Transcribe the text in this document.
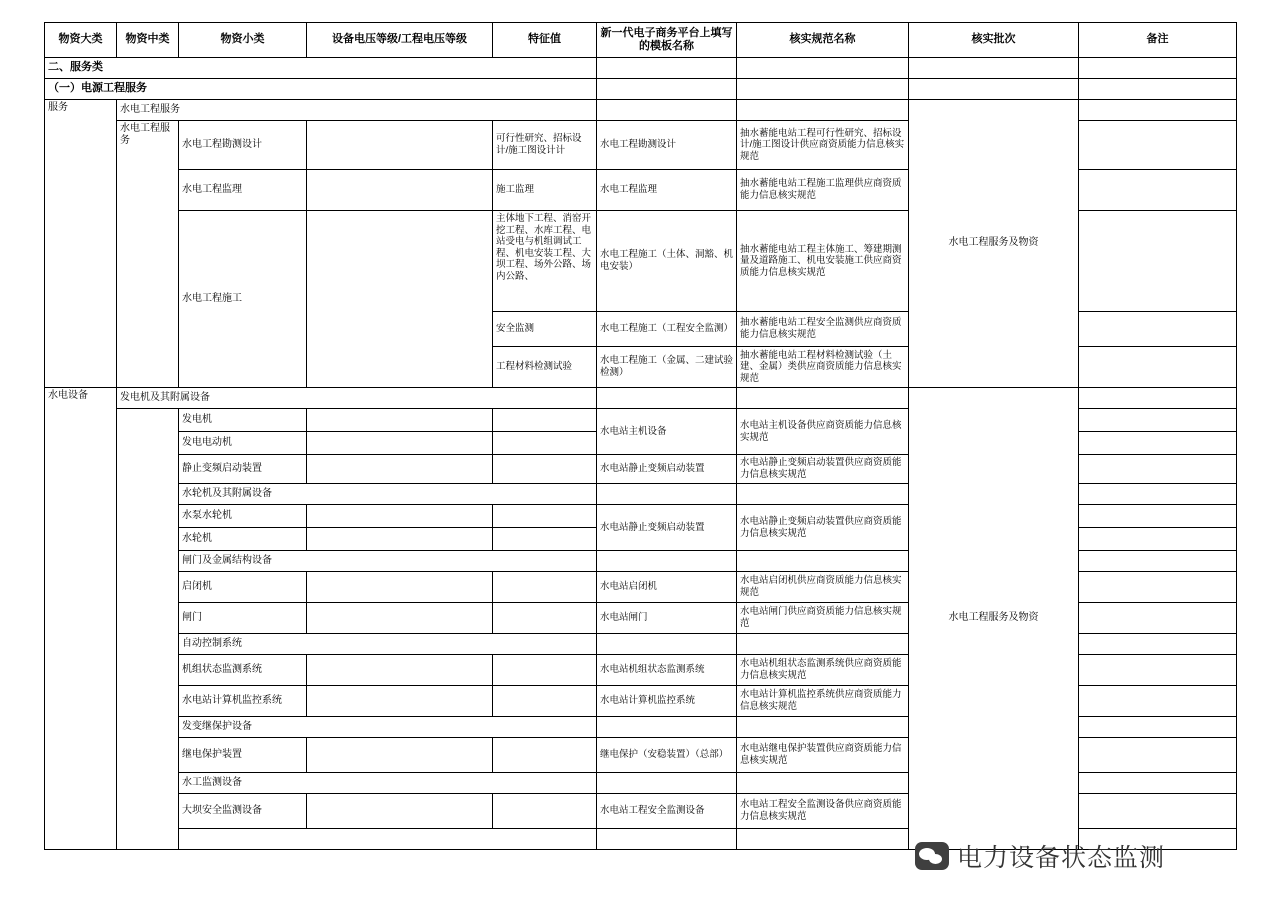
物资大类	物资中类	物资小类	设备电压等级/工程电压等级	特征值	新一代电子商务平台上填写的模板名称	核实规范名称	核实批次	备注
二、服务类								
（一）电源工程服务								
服务	水电工程服务						水电工程服务及物资	
	水电工程服务	水电工程勘测设计		可行性研究、招标设计/施工图设计计	水电工程勘测设计	抽水蓄能电站工程可行性研究、招标设计/施工图设计供应商资质能力信息核实规范		
		水电工程监理		施工监理	水电工程监理	抽水蓄能电站工程施工监理供应商资质能力信息核实规范		
		水电工程施工		主体地下工程、消窑开挖工程、水库工程、电站受电与机组调试工程、机电安装工程、大坝工程、场外公路、场内公路、	水电工程施工（土体、洞豁、机电安装）	抽水蓄能电站工程主体施工、筹建期测量及道路施工、机电安装施工供应商资质能力信息核实规范		
				安全监测	水电工程施工（工程安全监测）	抽水蓄能电站工程安全监测供应商资质能力信息核实规范		
				工程材料检测试验	水电工程施工（金属、二建试验检测）	抽水蓄能电站工程材料检测试验（土建、金属）类供应商资质能力信息核实规范		
水电设备	发电机及其附属设备						水电工程服务及物资	
		发电机			水电站主机设备	水电站主机设备供应商资质能力信息核实规范		
		发电电动机						
		静止变频启动装置			水电站静止变频启动装置	水电站静止变频启动装置供应商资质能力信息核实规范		
		水轮机及其附属设备						
		水泵水轮机			水电站静止变频启动装置	水电站静止变频启动装置供应商资质能力信息核实规范		
		水轮机						
		闸门及金属结构设备						
		启闭机			水电站启闭机	水电站启闭机供应商资质能力信息核实规范		
		闸门			水电站闸门	水电站闸门供应商资质能力信息核实规范		
		自动控制系统						
		机组状态监测系统			水电站机组状态监测系统	水电站机组状态监测系统供应商资质能力信息核实规范		
		水电站计算机监控系统			水电站计算机监控系统	水电站计算机监控系统供应商资质能力信息核实规范		
		发变继保护设备						
		继电保护装置			继电保护（安稳装置）（总部）	水电站继电保护装置供应商资质能力信息核实规范		
		水工监测设备						
		大坝安全监测设备			水电站工程安全监测设备	水电站工程安全监测设备供应商资质能力信息核实规范		

电力设备状态监测
